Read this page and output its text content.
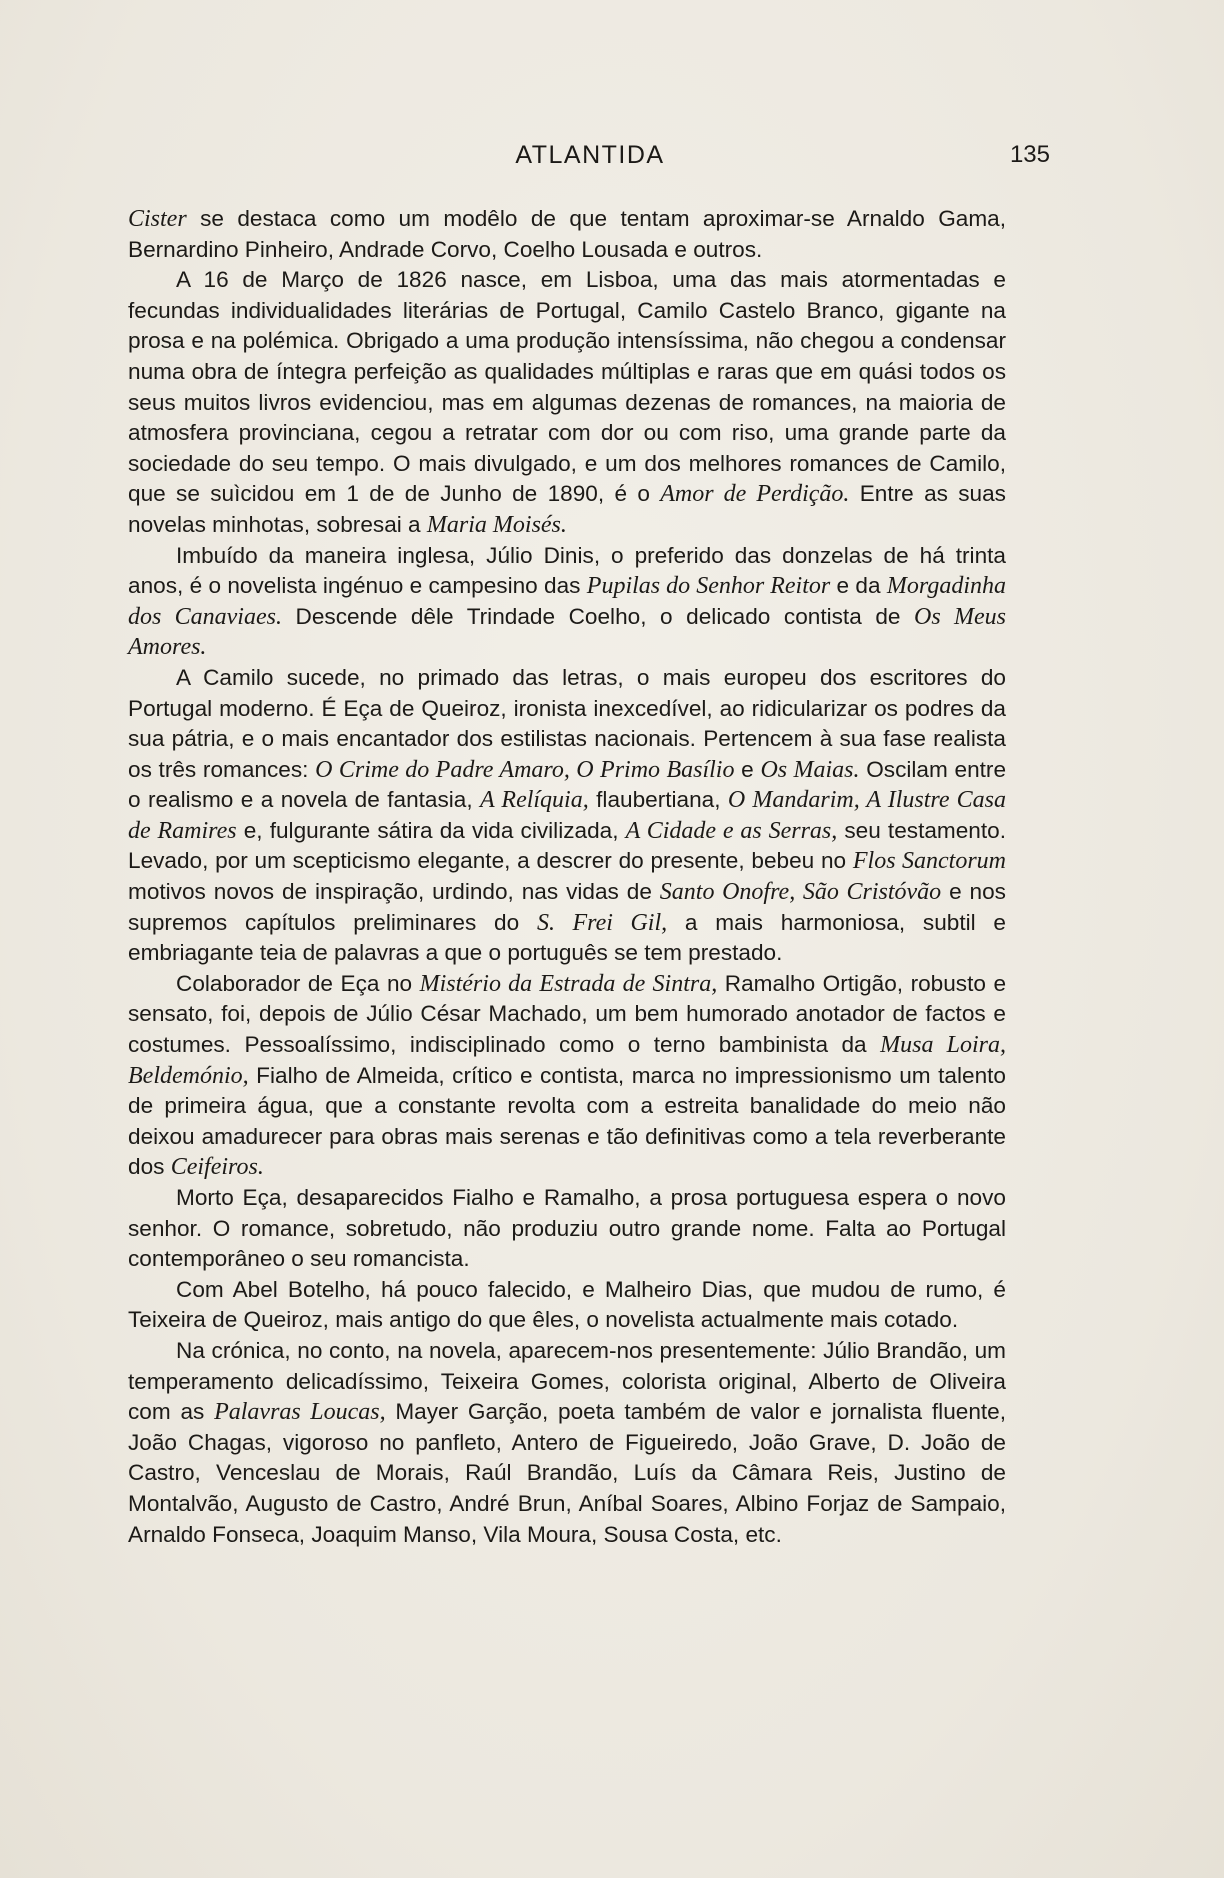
ATLANTIDA	135

Cister se destaca como um modêlo de que tentam aproximar-se Arnaldo Gama, Bernardino Pinheiro, Andrade Corvo, Coelho Lousada e outros.

A 16 de Março de 1826 nasce, em Lisboa, uma das mais atormentadas e fecundas individualidades literárias de Portugal, Camilo Castelo Branco, gigante na prosa e na polémica. Obrigado a uma produção intensíssima, não chegou a condensar numa obra de íntegra perfeição as qualidades múltiplas e raras que em quási todos os seus muitos livros evidenciou, mas em algumas dezenas de romances, na maioria de atmosfera provinciana, cegou a retratar com dor ou com riso, uma grande parte da sociedade do seu tempo. O mais divulgado, e um dos melhores romances de Camilo, que se suìcidou em 1 de de Junho de 1890, é o Amor de Perdição. Entre as suas novelas minhotas, sobresai a Maria Moisés.

Imbuído da maneira inglesa, Júlio Dinis, o preferido das donzelas de há trinta anos, é o novelista ingénuo e campesino das Pupilas do Senhor Reitor e da Morgadinha dos Canaviaes. Descende dêle Trindade Coelho, o delicado contista de Os Meus Amores.

A Camilo sucede, no primado das letras, o mais europeu dos escritores do Portugal moderno. É Eça de Queiroz, ironista inexcedível, ao ridicularizar os podres da sua pátria, e o mais encantador dos estilistas nacionais. Pertencem à sua fase realista os três romances: O Crime do Padre Amaro, O Primo Basílio e Os Maias. Oscilam entre o realismo e a novela de fantasia, A Relíquia, flaubertiana, O Mandarim, A Ilustre Casa de Ramires e, fulgurante sátira da vida civilizada, A Cidade e as Serras, seu testamento. Levado, por um scepticismo elegante, a descrer do presente, bebeu no Flos Sanctorum motivos novos de inspiração, urdindo, nas vidas de Santo Onofre, São Cristóvão e nos supremos capítulos preliminares do S. Frei Gil, a mais harmoniosa, subtil e embriagante teia de palavras a que o português se tem prestado.

Colaborador de Eça no Mistério da Estrada de Sintra, Ramalho Ortigão, robusto e sensato, foi, depois de Júlio César Machado, um bem humorado anotador de factos e costumes. Pessoalíssimo, indisciplinado como o terno bambinista da Musa Loira, Beldemónio, Fialho de Almeida, crítico e contista, marca no impressionismo um talento de primeira água, que a constante revolta com a estreita banalidade do meio não deixou amadurecer para obras mais serenas e tão definitivas como a tela reverberante dos Ceifeiros.

Morto Eça, desaparecidos Fialho e Ramalho, a prosa portuguesa espera o novo senhor. O romance, sobretudo, não produziu outro grande nome. Falta ao Portugal contemporâneo o seu romancista.

Com Abel Botelho, há pouco falecido, e Malheiro Dias, que mudou de rumo, é Teixeira de Queiroz, mais antigo do que êles, o novelista actualmente mais cotado.

Na crónica, no conto, na novela, aparecem-nos presentemente: Júlio Brandão, um temperamento delicadíssimo, Teixeira Gomes, colorista original, Alberto de Oliveira com as Palavras Loucas, Mayer Garção, poeta também de valor e jornalista fluente, João Chagas, vigoroso no panfleto, Antero de Figueiredo, João Grave, D. João de Castro, Venceslau de Morais, Raúl Brandão, Luís da Câmara Reis, Justino de Montalvão, Augusto de Castro, André Brun, Aníbal Soares, Albino Forjaz de Sampaio, Arnaldo Fonseca, Joaquim Manso, Vila Moura, Sousa Costa, etc.
